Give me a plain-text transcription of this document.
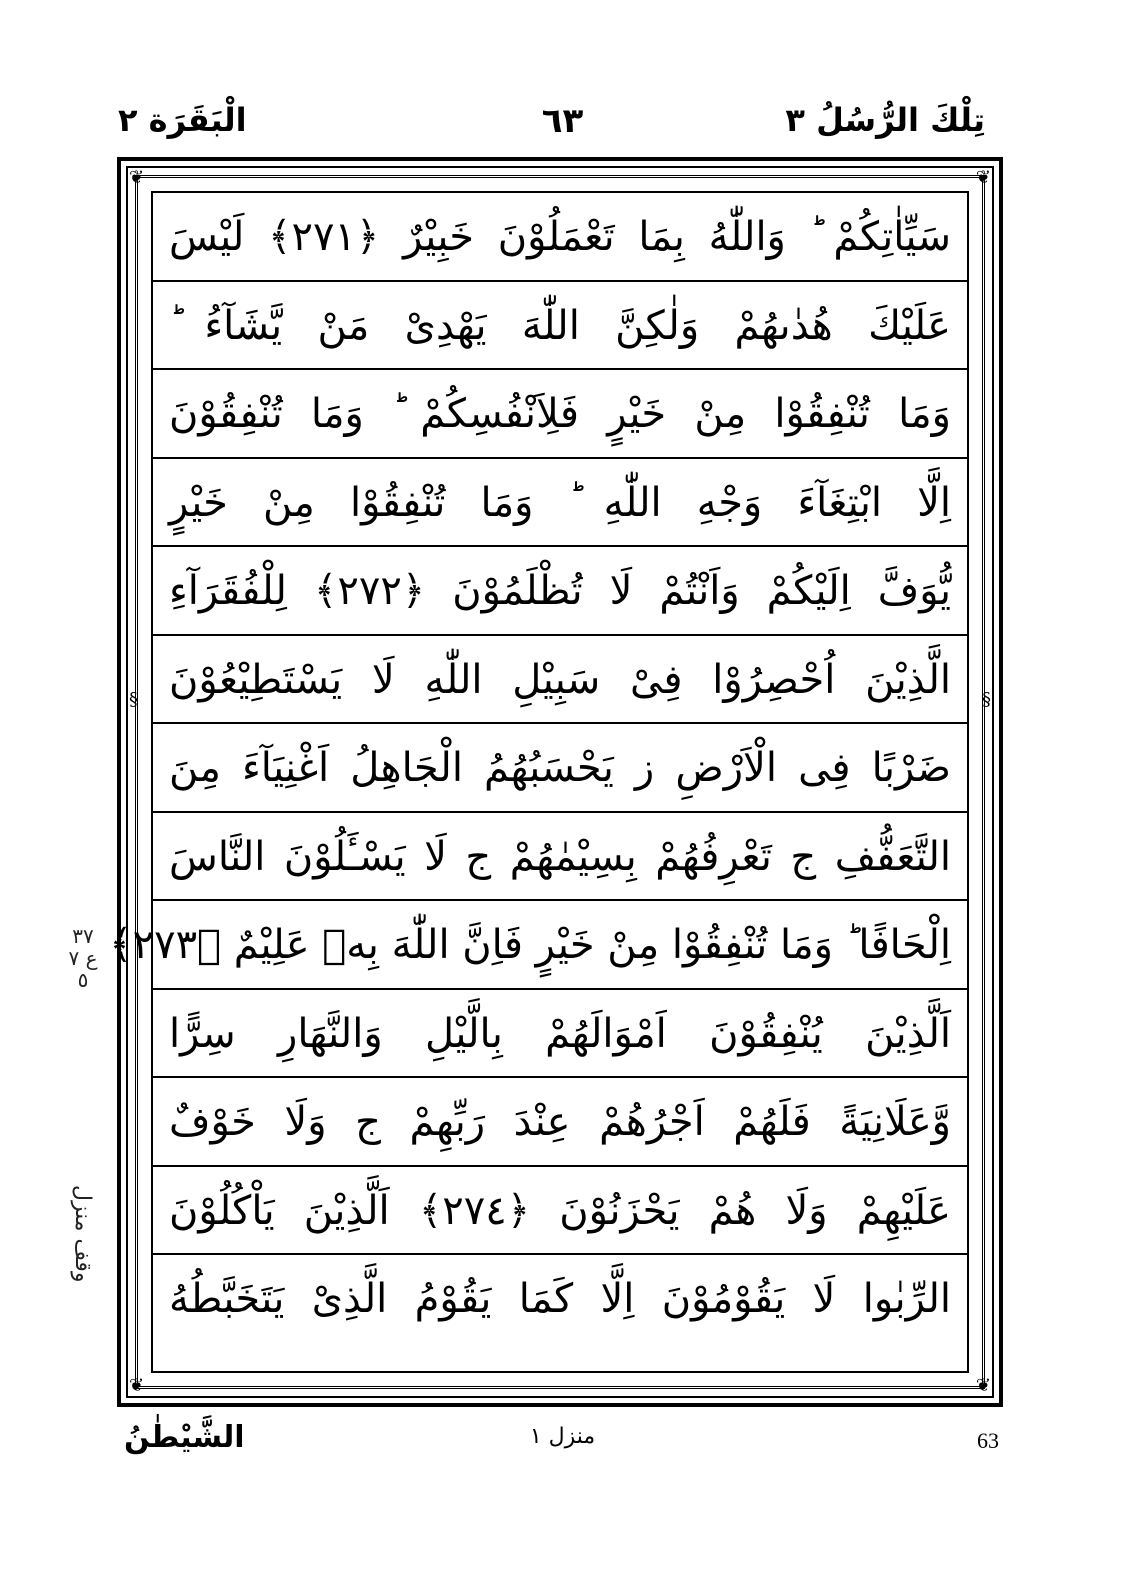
تِلْكَ الرُّسُلُ ٣
٦٣
الْبَقَرَة ٢
❦	❦
❦	❦
§	§
سَيِّاٰتِكُمْ ؕ وَاللّٰهُ بِمَا تَعْمَلُوْنَ خَبِيْرٌ ﴿٢٧١﴾ لَيْسَ
عَلَيْكَ هُدٰىهُمْ وَلٰكِنَّ اللّٰهَ يَهْدِىْ مَنْ يَّشَآءُ ؕ
وَمَا تُنْفِقُوْا مِنْ خَيْرٍ فَلِاَنْفُسِكُمْ ؕ وَمَا تُنْفِقُوْنَ
اِلَّا ابْتِغَآءَ وَجْهِ اللّٰهِ ؕ وَمَا تُنْفِقُوْا مِنْ خَيْرٍ
يُّوَفَّ اِلَيْكُمْ وَاَنْتُمْ لَا تُظْلَمُوْنَ ﴿٢٧٢﴾ لِلْفُقَرَآءِ
الَّذِيْنَ اُحْصِرُوْا فِىْ سَبِيْلِ اللّٰهِ لَا يَسْتَطِيْعُوْنَ
ضَرْبًا فِى الْاَرْضِ ز يَحْسَبُهُمُ الْجَاهِلُ اَغْنِيَآءَ مِنَ
التَّعَفُّفِ ج تَعْرِفُهُمْ بِسِيْمٰهُمْ ج لَا يَسْـَٔلُوْنَ النَّاسَ
اِلْحَافًا ؕ وَمَا تُنْفِقُوْا مِنْ خَيْرٍ فَاِنَّ اللّٰهَ بِهٖ عَلِيْمٌ ﴿٢٧٣﴾
اَلَّذِيْنَ يُنْفِقُوْنَ اَمْوَالَهُمْ بِالَّيْلِ وَالنَّهَارِ سِرًّا
وَّعَلَانِيَةً فَلَهُمْ اَجْرُهُمْ عِنْدَ رَبِّهِمْ ج وَلَا خَوْفٌ
عَلَيْهِمْ وَلَا هُمْ يَحْزَنُوْنَ ﴿٢٧٤﴾ اَلَّذِيْنَ يَاْكُلُوْنَ
الرِّبٰوا لَا يَقُوْمُوْنَ اِلَّا كَمَا يَقُوْمُ الَّذِىْ يَتَخَبَّطُهُ
٣٧
ع ٧
٥
وقف منزل
الشَّيْطٰنُ	منزل ١	63
